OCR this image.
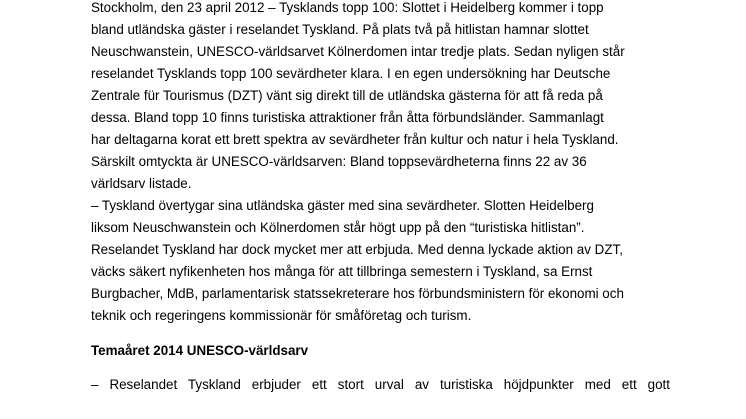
Stockholm, den 23 april 2012 – Tysklands topp 100: Slottet i Heidelberg kommer i topp
bland utländska gäster i reselandet Tyskland. På plats två på hitlistan hamnar slottet
Neuschwanstein, UNESCO-världsarvet Kölnerdomen intar tredje plats. Sedan nyligen står
reselandet Tysklands topp 100 sevärdheter klara. I en egen undersökning har Deutsche
Zentrale für Tourismus (DZT) vänt sig direkt till de utländska gästerna för att få reda på
dessa. Bland topp 10 finns turistiska attraktioner från åtta förbundsländer. Sammanlagt
har deltagarna korat ett brett spektra av sevärdheter från kultur och natur i hela Tyskland.
Särskilt omtyckta är UNESCO-världsarven: Bland toppsevärdheterna finns 22 av 36
världsarv listade.
– Tyskland övertygar sina utländska gäster med sina sevärdheter. Slotten Heidelberg
liksom Neuschwanstein och Kölnerdomen står högt upp på den “turistiska hitlistan”.
Reselandet Tyskland har dock mycket mer att erbjuda. Med denna lyckade aktion av DZT,
väcks säkert nyfikenheten hos många för att tillbringa semestern i Tyskland, sa Ernst
Burgbacher, MdB, parlamentarisk statssekreterare hos förbundsministern för ekonomi och
teknik och regeringens kommissionär för småföretag och turism.
Temaåret 2014 UNESCO-världsarv
– Reselandet Tyskland erbjuder ett stort urval av turistiska höjdpunkter med ett gott
